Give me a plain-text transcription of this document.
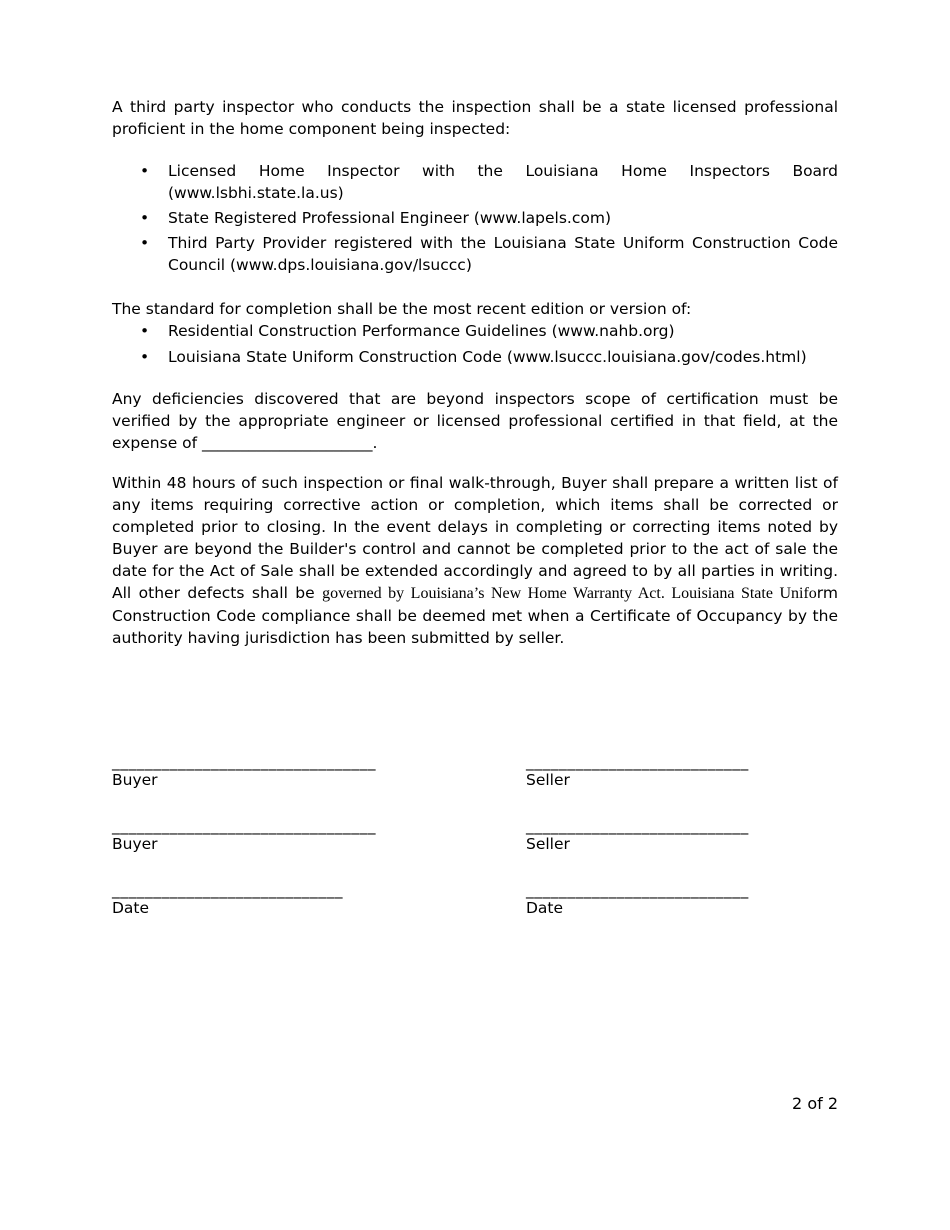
A third party inspector who conducts the inspection shall be a state licensed professional proficient in the home component being inspected:

• Licensed Home Inspector with the Louisiana Home Inspectors Board (www.lsbhi.state.la.us)
• State Registered Professional Engineer (www.lapels.com)
• Third Party Provider registered with the Louisiana State Uniform Construction Code Council (www.dps.louisiana.gov/lsuccc)

The standard for completion shall be the most recent edition or version of:

• Residential Construction Performance Guidelines (www.nahb.org)
• Louisiana State Uniform Construction Code (www.lsuccc.louisiana.gov/codes.html)

Any deficiencies discovered that are beyond inspectors scope of certification must be verified by the appropriate engineer or licensed professional certified in that field, at the expense of ______________________.

Within 48 hours of such inspection or final walk-through, Buyer shall prepare a written list of any items requiring corrective action or completion, which items shall be corrected or completed prior to closing. In the event delays in completing or correcting items noted by Buyer are beyond the Builder's control and cannot be completed prior to the act of sale the date for the Act of Sale shall be extended accordingly and agreed to by all parties in writing. All other defects shall be governed by Louisiana’s New Home Warranty Act. Louisiana State Uniform Construction Code compliance shall be deemed met when a Certificate of Occupancy by the authority having jurisdiction has been submitted by seller.

________________________________
Buyer
___________________________
Seller
________________________________
Buyer
___________________________
Seller
____________________________
Date
___________________________
Date
2 of 2
